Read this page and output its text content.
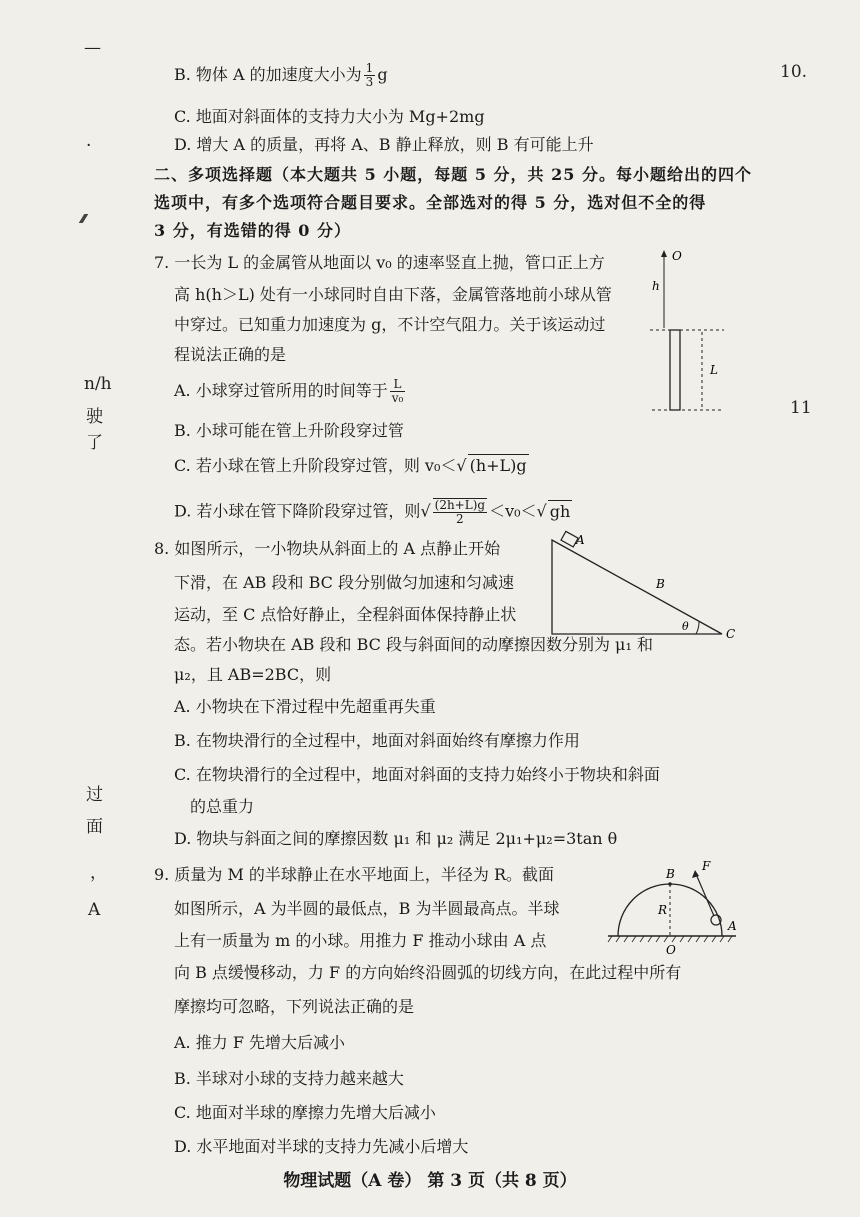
—
·
n/h
驶
了
过
面
，
A
10.
11
B. 物体 A 的加速度大小为 $\frac{1}{3}$ g
C. 地面对斜面体的支持力大小为 Mg+2mg
D. 增大 A 的质量，再将 A、B 静止释放，则 B 有可能上升
二、多项选择题（本大题共 5 小题，每题 5 分，共 25 分。每小题给出的四个
选项中，有多个选项符合题目要求。全部选对的得 5 分，选对但不全的得
3 分，有选错的得 0 分）
7. 一长为 L 的金属管从地面以 v₀ 的速率竖直上抛，管口正上方
高 h(h＞L) 处有一小球同时自由下落，金属管落地前小球从管
中穿过。已知重力加速度为 g，不计空气阻力。关于该运动过
程说法正确的是
A. 小球穿过管所用的时间等于 $\frac{L}{\text{v₀}}$
B. 小球可能在管上升阶段穿过管
C. 若小球在管上升阶段穿过管，则 v₀＜√ (h+L)g
D. 若小球在管下降阶段穿过管，则√ $\frac{(2h+L)g}{2} <v_0<√$ gh
O
h
L
8. 如图所示，一小物块从斜面上的 A 点静止开始
下滑，在 AB 段和 BC 段分别做匀加速和匀减速
运动，至 C 点恰好静止，全程斜面体保持静止状
态。若小物块在 AB 段和 BC 段与斜面间的动摩擦因数分别为 μ₁ 和
μ₂，且 AB=2BC，则
A. 小物块在下滑过程中先超重再失重
B. 在物块滑行的全过程中，地面对斜面始终有摩擦力作用
C. 在物块滑行的全过程中，地面对斜面的支持力始终小于物块和斜面
的总重力
D. 物块与斜面之间的摩擦因数 μ₁ 和 μ₂ 满足 2μ₁+μ₂=3tan θ
A
B
C
θ
9. 质量为 M 的半球静止在水平地面上，半径为 R。截面
如图所示，A 为半圆的最低点，B 为半圆最高点。半球
上有一质量为 m 的小球。用推力 F 推动小球由 A 点
向 B 点缓慢移动，力 F 的方向始终沿圆弧的切线方向，在此过程中所有
摩擦均可忽略，下列说法正确的是
A. 推力 F 先增大后减小
B. 半球对小球的支持力越来越大
C. 地面对半球的摩擦力先增大后减小
D. 水平地面对半球的支持力先减小后增大
B
F
R
O
A
物理试题（A 卷） 第 3 页（共 8 页）
